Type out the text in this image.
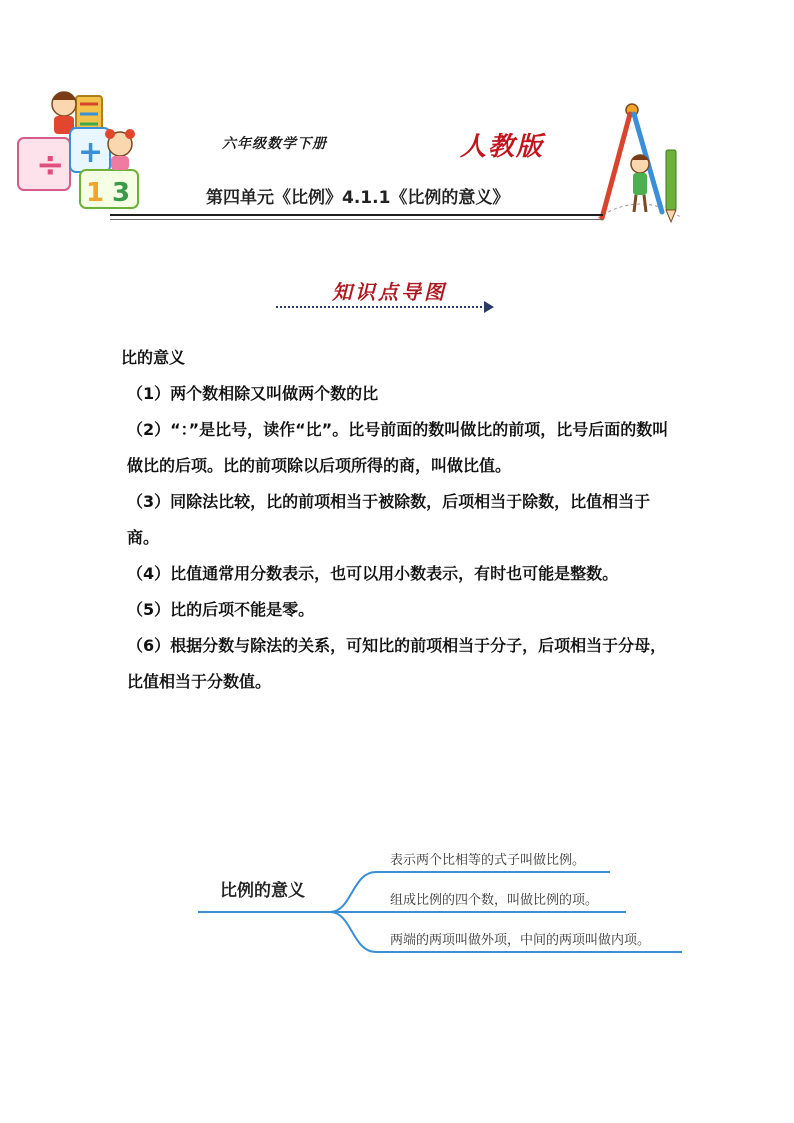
÷ +
1 3
六年级数学下册	人教版
第四单元《比例》4.1.1《比例的意义》
知识点导图

比的意义

（1）两个数相除又叫做两个数的比

（2）“：”是比号，读作“比”。比号前面的数叫做比的前项，比号后面的数叫做比的后项。比的前项除以后项所得的商，叫做比值。

（3）同除法比较，比的前项相当于被除数，后项相当于除数，比值相当于商。

（4）比值通常用分数表示，也可以用小数表示，有时也可能是整数。

（5）比的后项不能是零。

（6）根据分数与除法的关系，可知比的前项相当于分子，后项相当于分母，比值相当于分数值。

比例的意义
表示两个比相等的式子叫做比例。
组成比例的四个数，叫做比例的项。
两端的两项叫做外项，中间的两项叫做内项。
